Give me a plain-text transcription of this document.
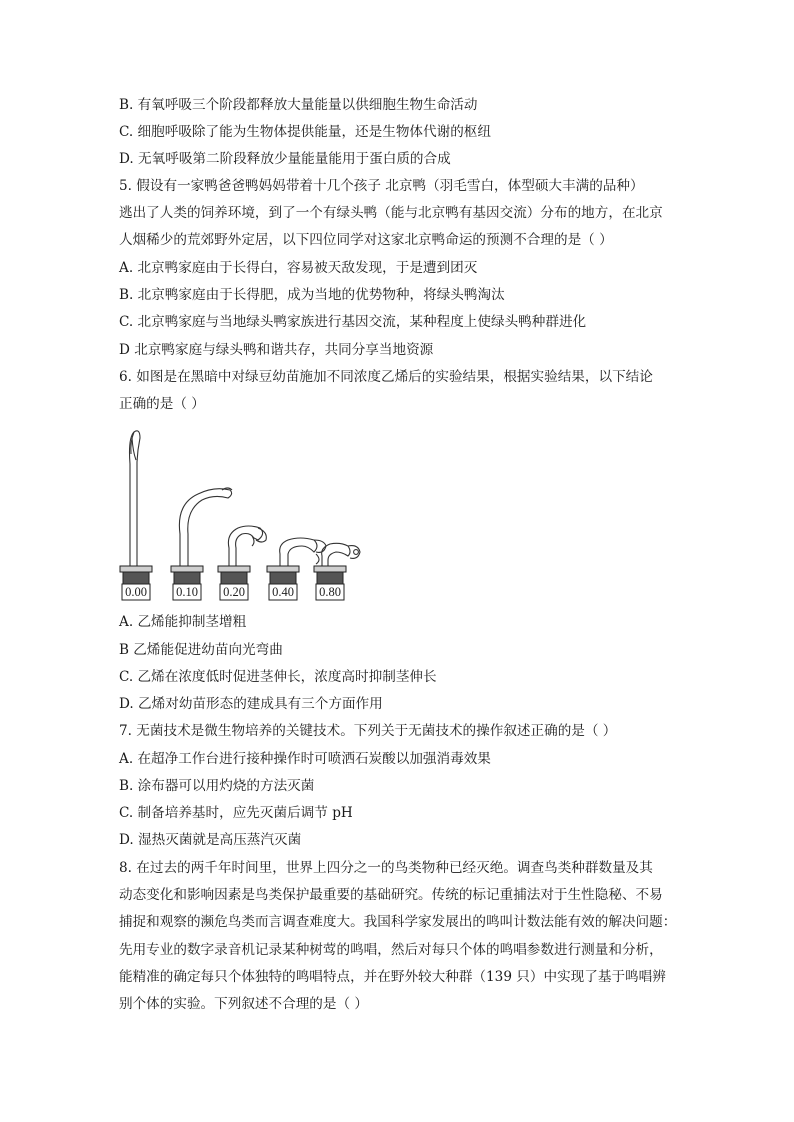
B. 有氧呼吸三个阶段都释放大量能量以供细胞生物生命活动
C. 细胞呼吸除了能为生物体提供能量，还是生物体代谢的枢纽
D. 无氧呼吸第二阶段释放少量能量能用于蛋白质的合成
5. 假设有一家鸭爸爸鸭妈妈带着十几个孩子 北京鸭（羽毛雪白，体型硕大丰满的品种）
逃出了人类的饲养环境，到了一个有绿头鸭（能与北京鸭有基因交流）分布的地方，在北京
人烟稀少的荒郊野外定居，以下四位同学对这家北京鸭命运的预测不合理的是（ ）
A. 北京鸭家庭由于长得白，容易被天敌发现，于是遭到团灭
B. 北京鸭家庭由于长得肥，成为当地的优势物种，将绿头鸭淘汰
C. 北京鸭家庭与当地绿头鸭家族进行基因交流，某种程度上使绿头鸭种群进化
D 北京鸭家庭与绿头鸭和谐共存，共同分享当地资源
6. 如图是在黑暗中对绿豆幼苗施加不同浓度乙烯后的实验结果，根据实验结果，以下结论
正确的是（ ）
0.00 0.10 0.20 0.40 0.80
A. 乙烯能抑制茎增粗
B 乙烯能促进幼苗向光弯曲
C. 乙烯在浓度低时促进茎伸长，浓度高时抑制茎伸长
D. 乙烯对幼苗形态的建成具有三个方面作用
7. 无菌技术是微生物培养的关键技术。下列关于无菌技术的操作叙述正确的是（ ）
A. 在超净工作台进行接种操作时可喷洒石炭酸以加强消毒效果
B. 涂布器可以用灼烧的方法灭菌
C. 制备培养基时，应先灭菌后调节 pH
D. 湿热灭菌就是高压蒸汽灭菌
8. 在过去的两千年时间里，世界上四分之一的鸟类物种已经灭绝。调查鸟类种群数量及其
动态变化和影响因素是鸟类保护最重要的基础研究。传统的标记重捕法对于生性隐秘、不易
捕捉和观察的濒危鸟类而言调查难度大。我国科学家发展出的鸣叫计数法能有效的解决问题：
先用专业的数字录音机记录某种树莺的鸣唱，然后对每只个体的鸣唱参数进行测量和分析，
能精准的确定每只个体独特的鸣唱特点，并在野外较大种群（139 只）中实现了基于鸣唱辨
别个体的实验。下列叙述不合理的是（ ）
